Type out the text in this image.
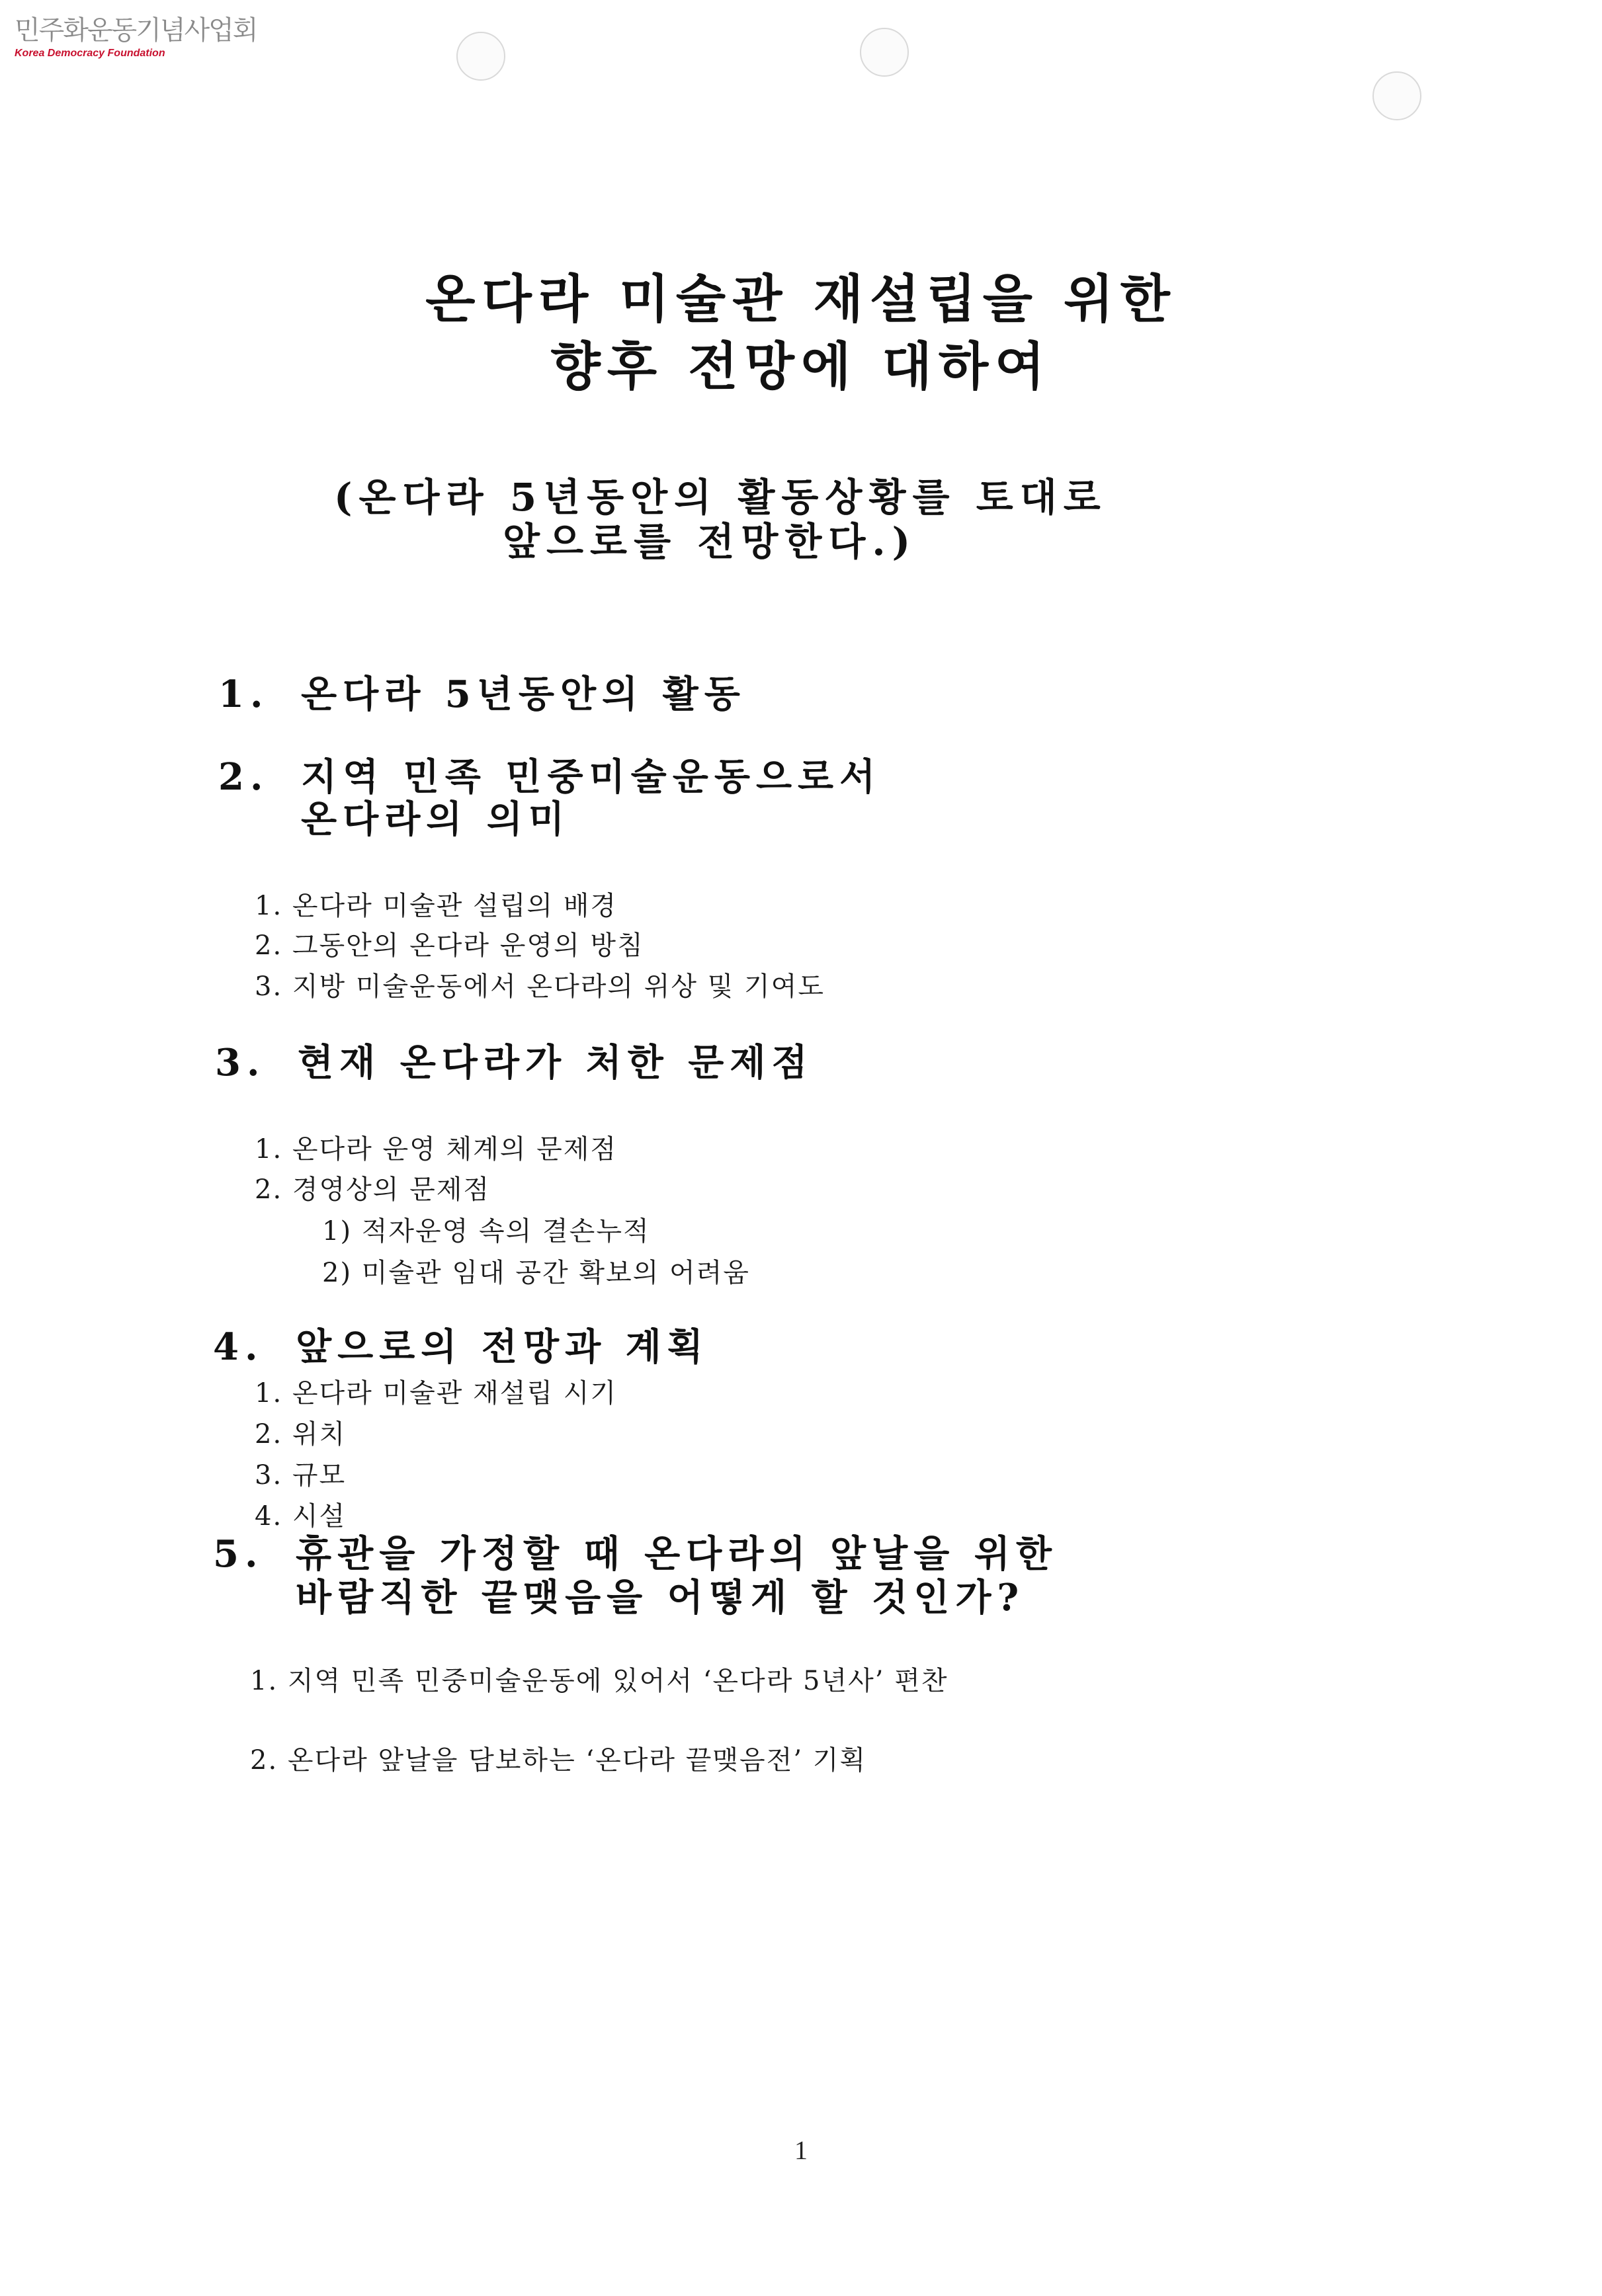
민주화운동기념사업회
Korea Democracy Foundation
온다라 미술관 재설립을 위한
향후 전망에 대하여
(온다라 5년동안의 활동상황를 토대로
앞으로를 전망한다.)
1. 온다라 5년동안의 활동
2. 지역 민족 민중미술운동으로서
온다라의 의미
1. 온다라 미술관 설립의 배경
2. 그동안의 온다라 운영의 방침
3. 지방 미술운동에서 온다라의 위상 및 기여도
3. 현재 온다라가 처한 문제점
1. 온다라 운영 체계의 문제점
2. 경영상의 문제점
1) 적자운영 속의 결손누적
2) 미술관 임대 공간 확보의 어려움
4. 앞으로의 전망과 계획
1. 온다라 미술관 재설립 시기
2. 위치
3. 규모
4. 시설
5. 휴관을 가정할 때 온다라의 앞날을 위한
바람직한 끝맺음을 어떻게 할 것인가?
1. 지역 민족 민중미술운동에 있어서 ‘온다라 5년사’ 편찬
2. 온다라 앞날을 담보하는 ‘온다라 끝맺음전’ 기획
1
